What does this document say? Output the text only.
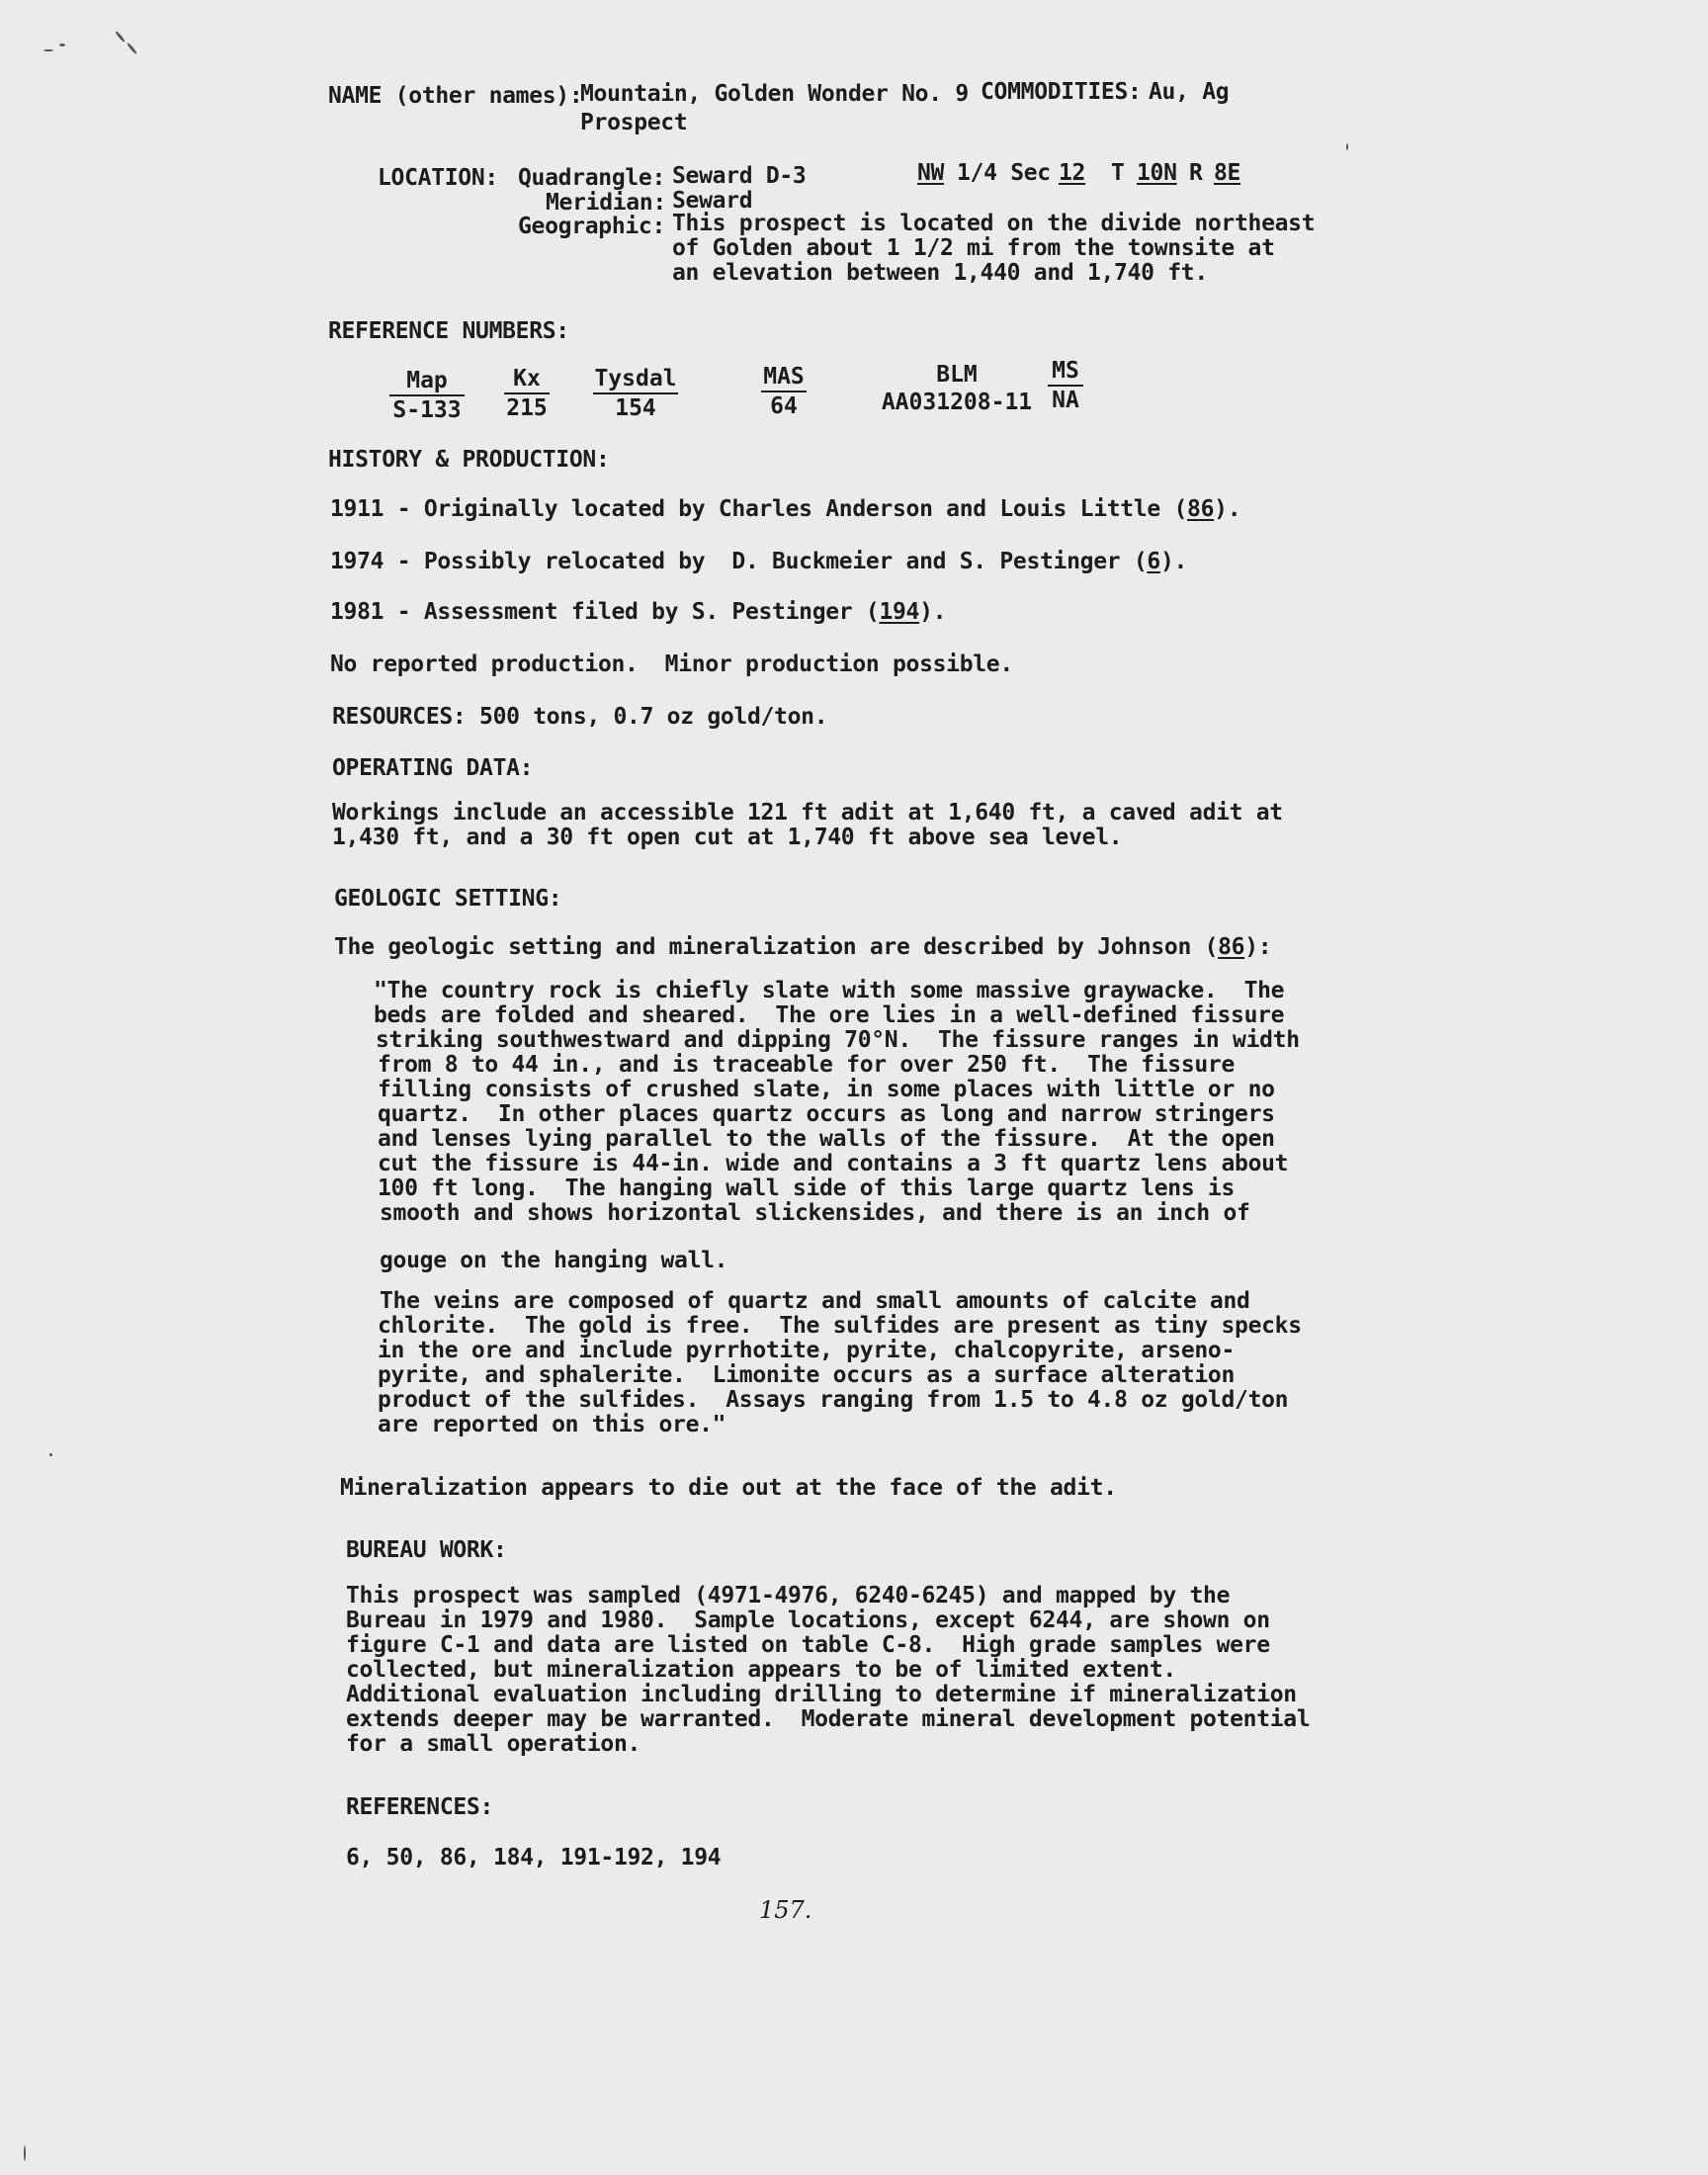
NAME (other names):
Mountain, Golden Wonder No. 9 COMMODITIES: Au, Ag
Prospect
LOCATION: Quadrangle: Seward D-3	NW 1/4 Sec 12 T 10N R 8E
Meridian: Seward
Geographic: This prospect is located on the divide northeast
of Golden about 1 1/2 mi from the townsite at
an elevation between 1,440 and 1,740 ft.
REFERENCE NUMBERS:
Map
$S-133 \frac{Kx}{215}$ Tysdal
154
MAS
64
BLM
$AA031208-11 \frac{MS}{NA}$
HISTORY & PRODUCTION:
1911 - Originally located by Charles Anderson and Louis Little (86).
1974 - Possibly relocated by  D. Buckmeier and S. Pestinger (6).
1981 - Assessment filed by S. Pestinger (194).
No reported production.  Minor production possible.
RESOURCES: 500 tons, 0.7 oz gold/ton.
OPERATING DATA:
Workings include an accessible 121 ft adit at 1,640 ft, a caved adit at
1,430 ft, and a 30 ft open cut at 1,740 ft above sea level.
GEOLOGIC SETTING:
The geologic setting and mineralization are described by Johnson (86):
"The country rock is chiefly slate with some massive graywacke.  The
beds are folded and sheared.  The ore lies in a well-defined fissure
striking southwestward and dipping 70°N.  The fissure ranges in width
from 8 to 44 in., and is traceable for over 250 ft.  The fissure
filling consists of crushed slate, in some places with little or no
quartz.  In other places quartz occurs as long and narrow stringers
and lenses lying parallel to the walls of the fissure.  At the open
cut the fissure is 44-in. wide and contains a 3 ft quartz lens about
100 ft long.  The hanging wall side of this large quartz lens is
smooth and shows horizontal slickensides, and there is an inch of
gouge on the hanging wall.
The veins are composed of quartz and small amounts of calcite and
chlorite.  The gold is free.  The sulfides are present as tiny specks
in the ore and include pyrrhotite, pyrite, chalcopyrite, arseno-
pyrite, and sphalerite.  Limonite occurs as a surface alteration
product of the sulfides.  Assays ranging from 1.5 to 4.8 oz gold/ton
are reported on this ore."
Mineralization appears to die out at the face of the adit.
BUREAU WORK:
This prospect was sampled (4971-4976, 6240-6245) and mapped by the
Bureau in 1979 and 1980.  Sample locations, except 6244, are shown on
figure C-1 and data are listed on table C-8.  High grade samples were
collected, but mineralization appears to be of limited extent.
Additional evaluation including drilling to determine if mineralization
extends deeper may be warranted.  Moderate mineral development potential
for a small operation.
REFERENCES:
6, 50, 86, 184, 191-192, 194
157.
